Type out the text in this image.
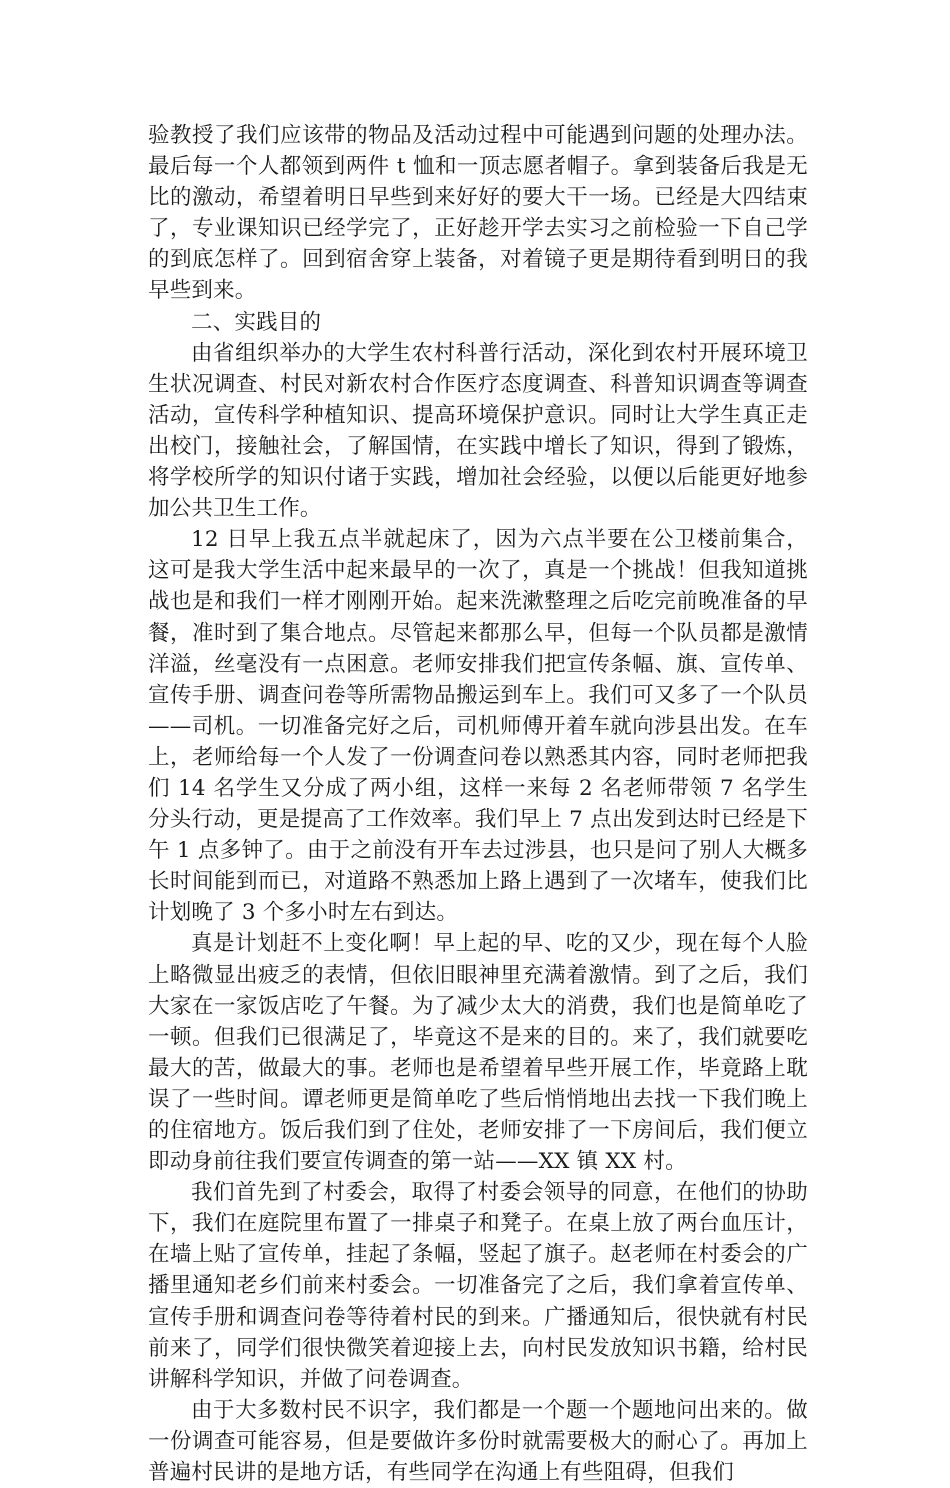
验教授了我们应该带的物品及活动过程中可能遇到问题的处理办法。最后每一个人都领到两件 t 恤和一顶志愿者帽子。拿到装备后我是无比的激动，希望着明日早些到来好好的要大干一场。已经是大四结束了，专业课知识已经学完了，正好趁开学去实习之前检验一下自己学的到底怎样了。回到宿舍穿上装备，对着镜子更是期待看到明日的我早些到来。

二、实践目的

由省组织举办的大学生农村科普行活动，深化到农村开展环境卫生状况调查、村民对新农村合作医疗态度调查、科普知识调查等调查活动，宣传科学种植知识、提高环境保护意识。同时让大学生真正走出校门，接触社会，了解国情，在实践中增长了知识，得到了锻炼，将学校所学的知识付诸于实践，增加社会经验，以便以后能更好地参加公共卫生工作。

12 日早上我五点半就起床了，因为六点半要在公卫楼前集合，这可是我大学生活中起来最早的一次了，真是一个挑战！但我知道挑战也是和我们一样才刚刚开始。起来洗漱整理之后吃完前晚准备的早餐，准时到了集合地点。尽管起来都那么早，但每一个队员都是激情洋溢，丝毫没有一点困意。老师安排我们把宣传条幅、旗、宣传单、宣传手册、调查问卷等所需物品搬运到车上。我们可又多了一个队员——司机。一切准备完好之后，司机师傅开着车就向涉县出发。在车上，老师给每一个人发了一份调查问卷以熟悉其内容，同时老师把我们 14 名学生又分成了两小组，这样一来每 2 名老师带领 7 名学生分头行动，更是提高了工作效率。我们早上 7 点出发到达时已经是下午 1 点多钟了。由于之前没有开车去过涉县，也只是问了别人大概多长时间能到而已，对道路不熟悉加上路上遇到了一次堵车，使我们比计划晚了 3 个多小时左右到达。

真是计划赶不上变化啊！早上起的早、吃的又少，现在每个人脸上略微显出疲乏的表情，但依旧眼神里充满着激情。到了之后，我们大家在一家饭店吃了午餐。为了减少太大的消费，我们也是简单吃了一顿。但我们已很满足了，毕竟这不是来的目的。来了，我们就要吃最大的苦，做最大的事。老师也是希望着早些开展工作，毕竟路上耽误了一些时间。谭老师更是简单吃了些后悄悄地出去找一下我们晚上的住宿地方。饭后我们到了住处，老师安排了一下房间后，我们便立即动身前往我们要宣传调查的第一站——XX 镇 XX 村。

我们首先到了村委会，取得了村委会领导的同意，在他们的协助下，我们在庭院里布置了一排桌子和凳子。在桌上放了两台血压计，在墙上贴了宣传单，挂起了条幅，竖起了旗子。赵老师在村委会的广播里通知老乡们前来村委会。一切准备完了之后，我们拿着宣传单、宣传手册和调查问卷等待着村民的到来。广播通知后，很快就有村民前来了，同学们很快微笑着迎接上去，向村民发放知识书籍，给村民讲解科学知识，并做了问卷调查。

由于大多数村民不识字，我们都是一个题一个题地问出来的。做一份调查可能容易，但是要做许多份时就需要极大的耐心了。再加上普遍村民讲的是地方话，有些同学在沟通上有些阻碍，但我们
